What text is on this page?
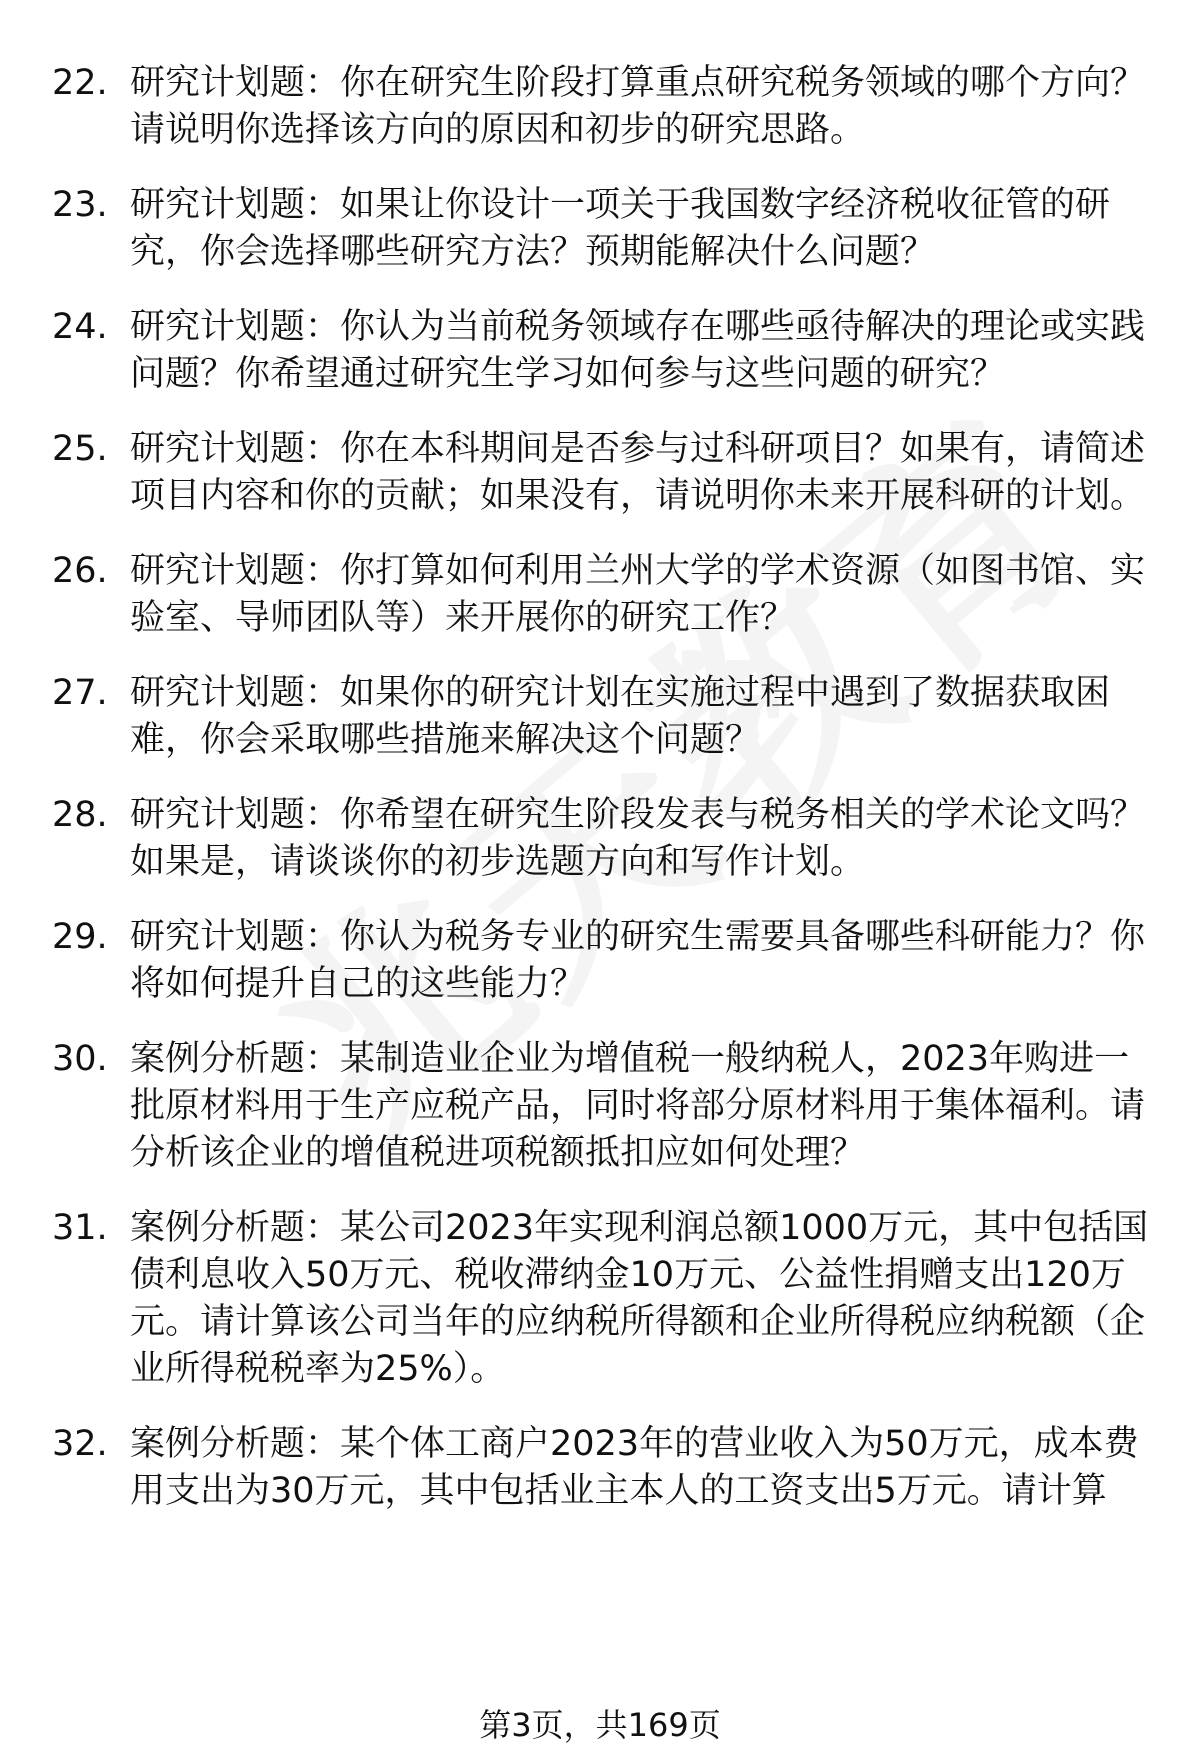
22. 研究计划题：你在研究生阶段打算重点研究税务领域的哪个方向？请说明你选择该方向的原因和初步的研究思路。
23. 研究计划题：如果让你设计一项关于我国数字经济税收征管的研究，你会选择哪些研究方法？预期能解决什么问题？
24. 研究计划题：你认为当前税务领域存在哪些亟待解决的理论或实践问题？你希望通过研究生学习如何参与这些问题的研究？
25. 研究计划题：你在本科期间是否参与过科研项目？如果有，请简述项目内容和你的贡献；如果没有，请说明你未来开展科研的计划。
26. 研究计划题：你打算如何利用兰州大学的学术资源（如图书馆、实验室、导师团队等）来开展你的研究工作？
27. 研究计划题：如果你的研究计划在实施过程中遇到了数据获取困难，你会采取哪些措施来解决这个问题？
28. 研究计划题：你希望在研究生阶段发表与税务相关的学术论文吗？如果是，请谈谈你的初步选题方向和写作计划。
29. 研究计划题：你认为税务专业的研究生需要具备哪些科研能力？你将如何提升自己的这些能力？
30. 案例分析题：某制造业企业为增值税一般纳税人，2023年购进一批原材料用于生产应税产品，同时将部分原材料用于集体福利。请分析该企业的增值税进项税额抵扣应如何处理？
31. 案例分析题：某公司2023年实现利润总额1000万元，其中包括国债利息收入50万元、税收滞纳金10万元、公益性捐赠支出120万元。请计算该公司当年的应纳税所得额和企业所得税应纳税额（企业所得税税率为25%）。
32. 案例分析题：某个体工商户2023年的营业收入为50万元，成本费用支出为30万元，其中包括业主本人的工资支出5万元。请计算
第3页，共169页
